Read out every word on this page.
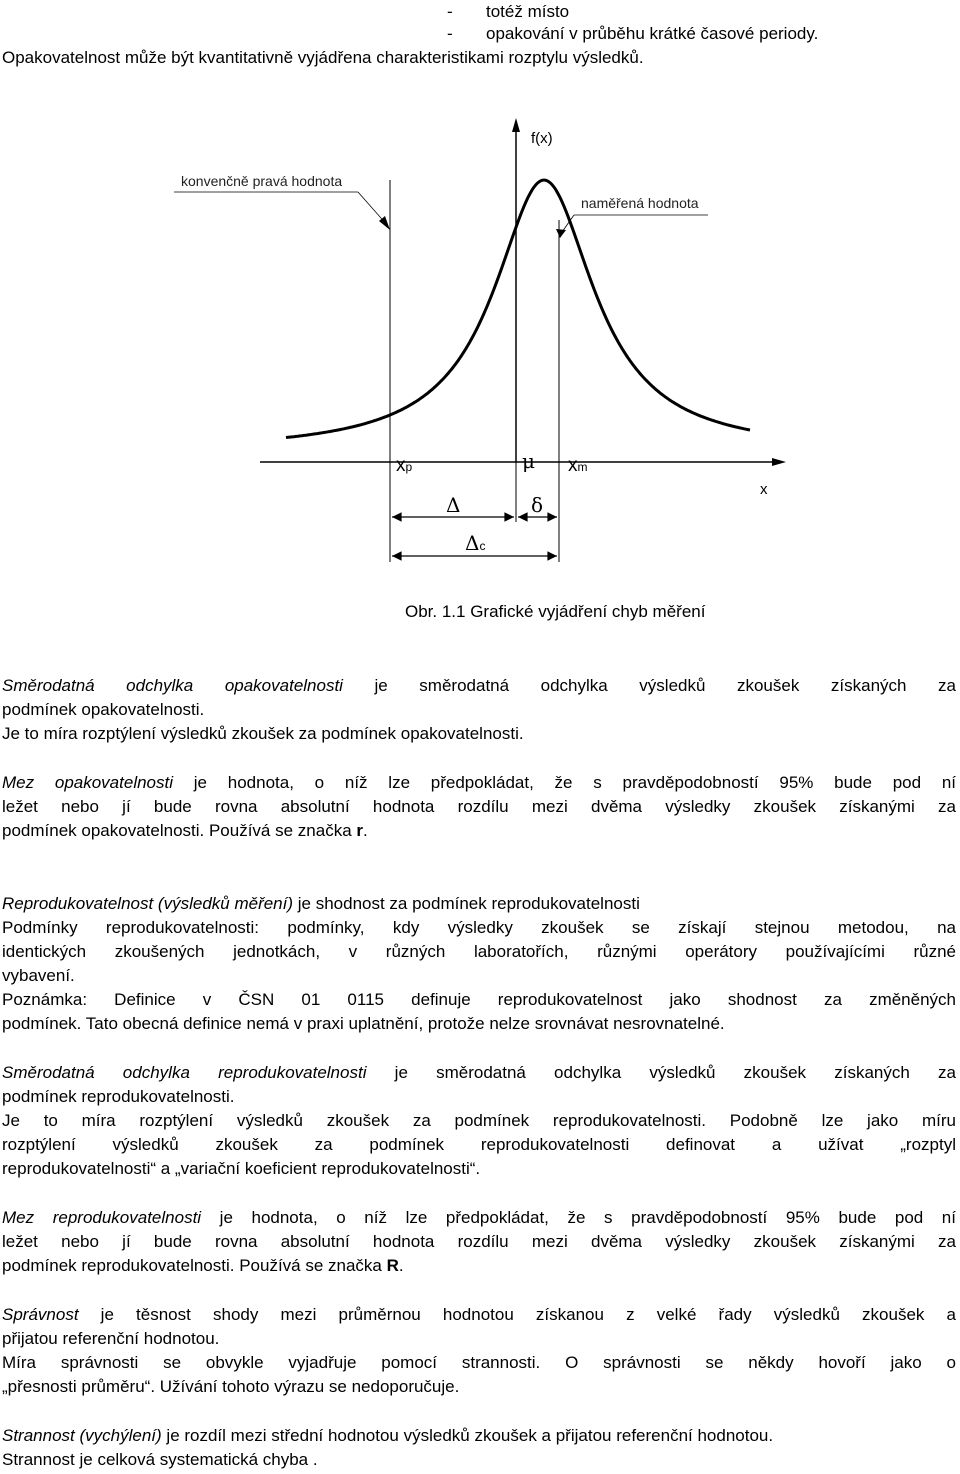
- totéž místo
- opakování v průběhu krátké časové periody.
Opakovatelnost může být kvantitativně vyjádřena charakteristikami rozptylu výsledků.
f(x)
x
konvenčně pravá hodnota
naměřená hodnota
xp	μ xm
Δ	δ
Δc
Obr. 1.1 Grafické vyjádření chyb měření
Směrodatná odchylka opakovatelnosti je směrodatná odchylka výsledků zkoušek získaných za
podmínek opakovatelnosti.
Je to míra rozptýlení výsledků zkoušek za podmínek opakovatelnosti.
Mez opakovatelnosti je hodnota, o níž lze předpokládat, že s pravděpodobností 95% bude pod ní
ležet nebo jí bude rovna absolutní hodnota rozdílu mezi dvěma výsledky zkoušek získanými za
podmínek opakovatelnosti. Používá se značka r.
Reprodukovatelnost (výsledků měření) je shodnost za podmínek reprodukovatelnosti
Podmínky reprodukovatelnosti: podmínky, kdy výsledky zkoušek se získají stejnou metodou, na
identických zkoušených jednotkách, v různých laboratořích, různými operátory používajícími různé
vybavení.
Poznámka: Definice v ČSN 01 0115 definuje reprodukovatelnost jako shodnost za změněných
podmínek. Tato obecná definice nemá v praxi uplatnění, protože nelze srovnávat nesrovnatelné.
Směrodatná odchylka reprodukovatelnosti je směrodatná odchylka výsledků zkoušek získaných za
podmínek reprodukovatelnosti.
Je to míra rozptýlení výsledků zkoušek za podmínek reprodukovatelnosti. Podobně lze jako míru
rozptýlení výsledků zkoušek za podmínek reprodukovatelnosti definovat a užívat „rozptyl
reprodukovatelnosti“ a „variační koeficient reprodukovatelnosti“.
Mez reprodukovatelnosti je hodnota, o níž lze předpokládat, že s pravděpodobností 95% bude pod ní
ležet nebo jí bude rovna absolutní hodnota rozdílu mezi dvěma výsledky zkoušek získanými za
podmínek reprodukovatelnosti. Používá se značka R.
Správnost je těsnost shody mezi průměrnou hodnotou získanou z velké řady výsledků zkoušek a
přijatou referenční hodnotou.
Míra správnosti se obvykle vyjadřuje pomocí strannosti. O správnosti se někdy hovoří jako o
„přesnosti průměru“. Užívání tohoto výrazu se nedoporučuje.
Strannost (vychýlení) je rozdíl mezi střední hodnotou výsledků zkoušek a přijatou referenční hodnotou.
Strannost je celková systematická chyba .
